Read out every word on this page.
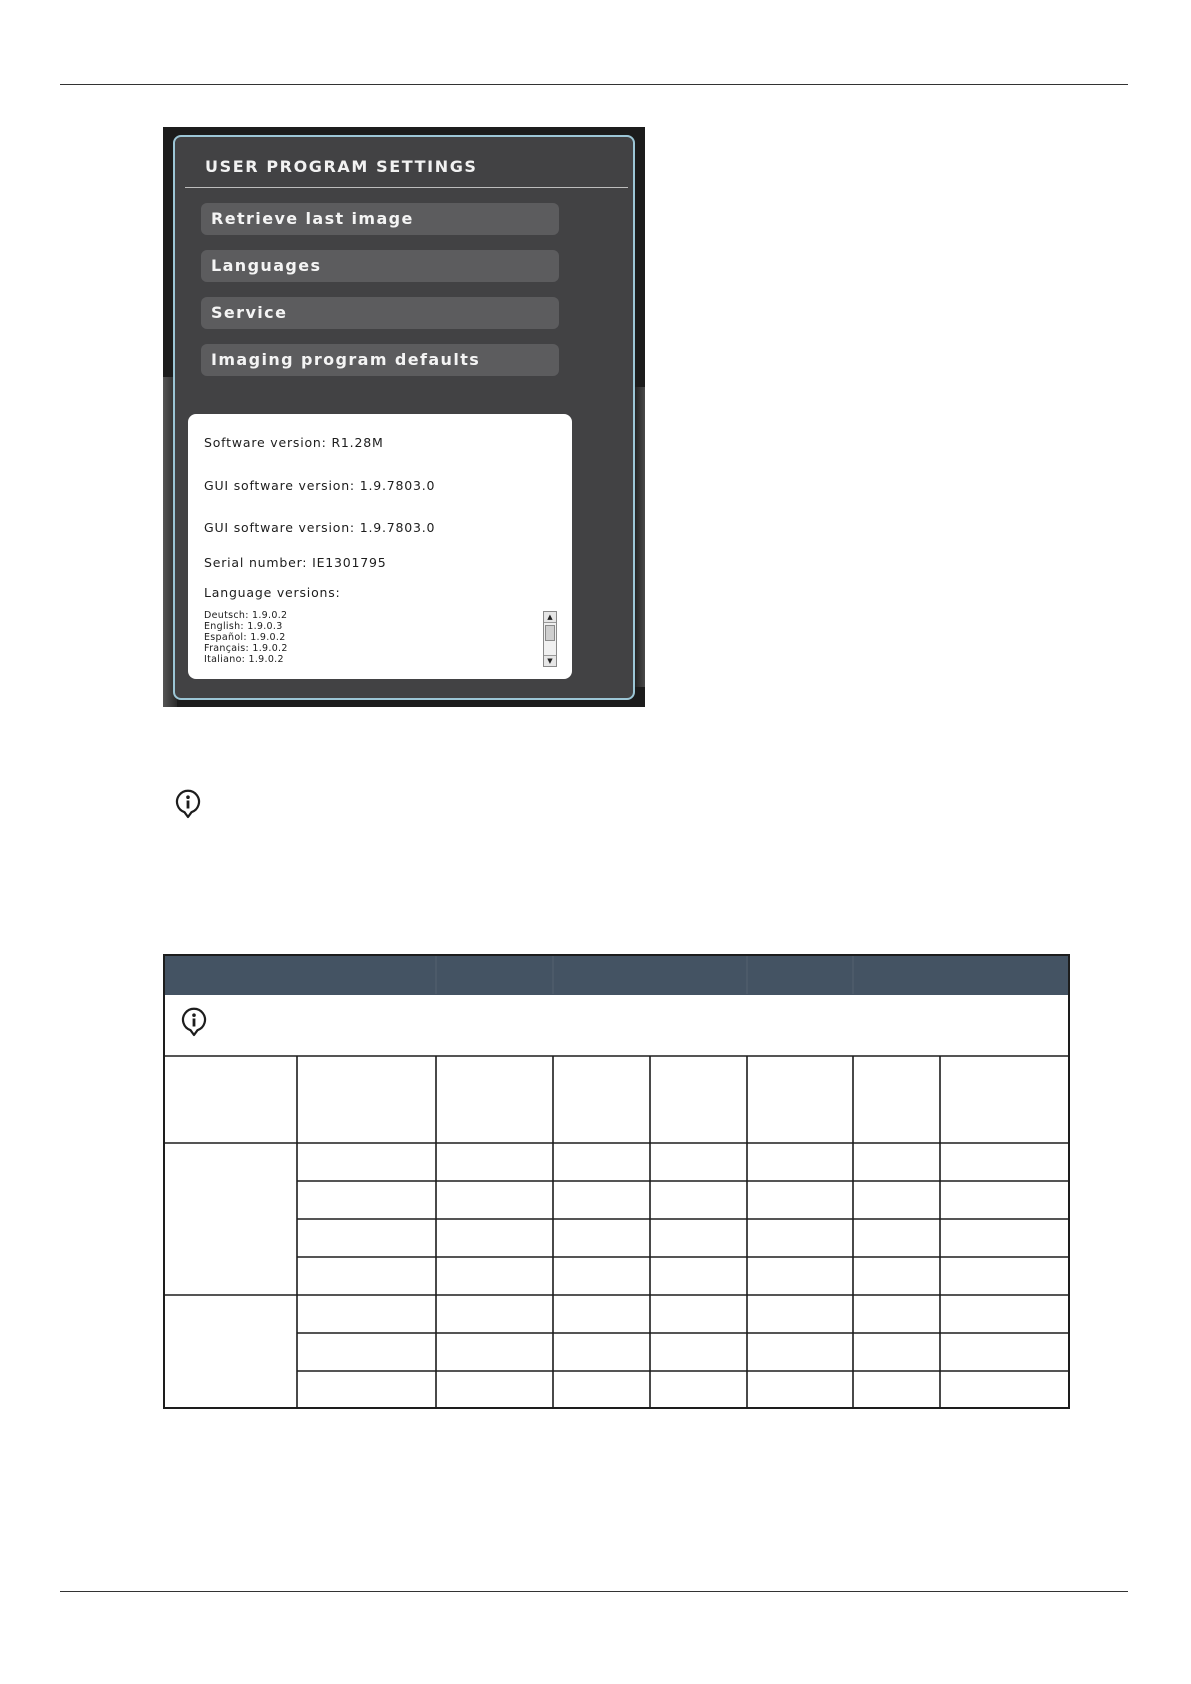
USER PROGRAM SETTINGS
Retrieve last image
Languages
Service
Imaging program defaults
Software version: R1.28M
GUI software version: 1.9.7803.0
GUI software version: 1.9.7803.0
Serial number: IE1301795
Language versions:
Deutsch: 1.9.0.2
English: 1.9.0.3
Español: 1.9.0.2
Français: 1.9.0.2
Italiano: 1.9.0.2
▲
▼
